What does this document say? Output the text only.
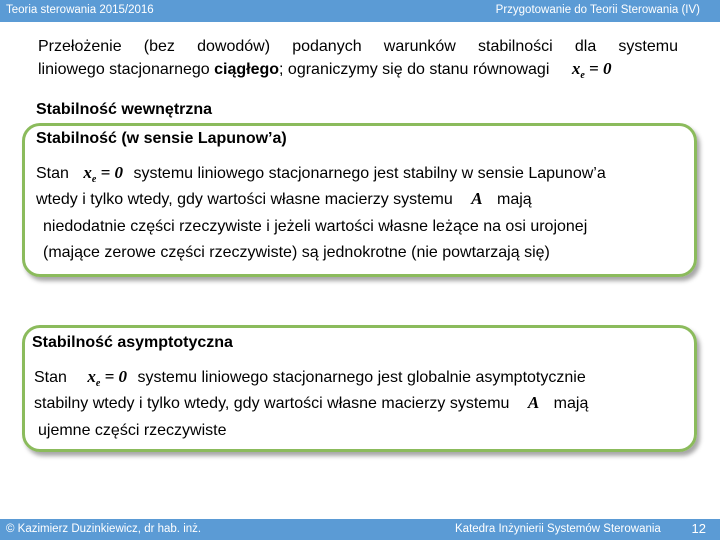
Teoria sterowania 2015/2016	Przygotowanie do Teorii Sterowania (IV)
Przełożenie (bez dowodów) podanych warunków stabilności dla systemu
liniowego stacjonarnego ciągłego; ograniczymy się do stanu równowagi $x_e = 0$
Stabilność wewnętrzna
Stabilność (w sensie Lapunow’a)
Stan $x_e = 0$ systemu liniowego stacjonarnego jest stabilny w sensie Lapunow’a
wtedy i tylko wtedy, gdy wartości własne macierzy systemu A mają
niedodatnie części rzeczywiste i jeżeli wartości własne leżące na osi urojonej
(mające zerowe części rzeczywiste) są jednokrotne (nie powtarzają się)
Stabilność asymptotyczna
Stan $x_e = 0$ systemu liniowego stacjonarnego jest globalnie asymptotycznie
stabilny wtedy i tylko wtedy, gdy wartości własne macierzy systemu A mają
ujemne części rzeczywiste
© Kazimierz Duzinkiewicz, dr hab. inż.	Katedra Inżynierii Systemów Sterowania 12
